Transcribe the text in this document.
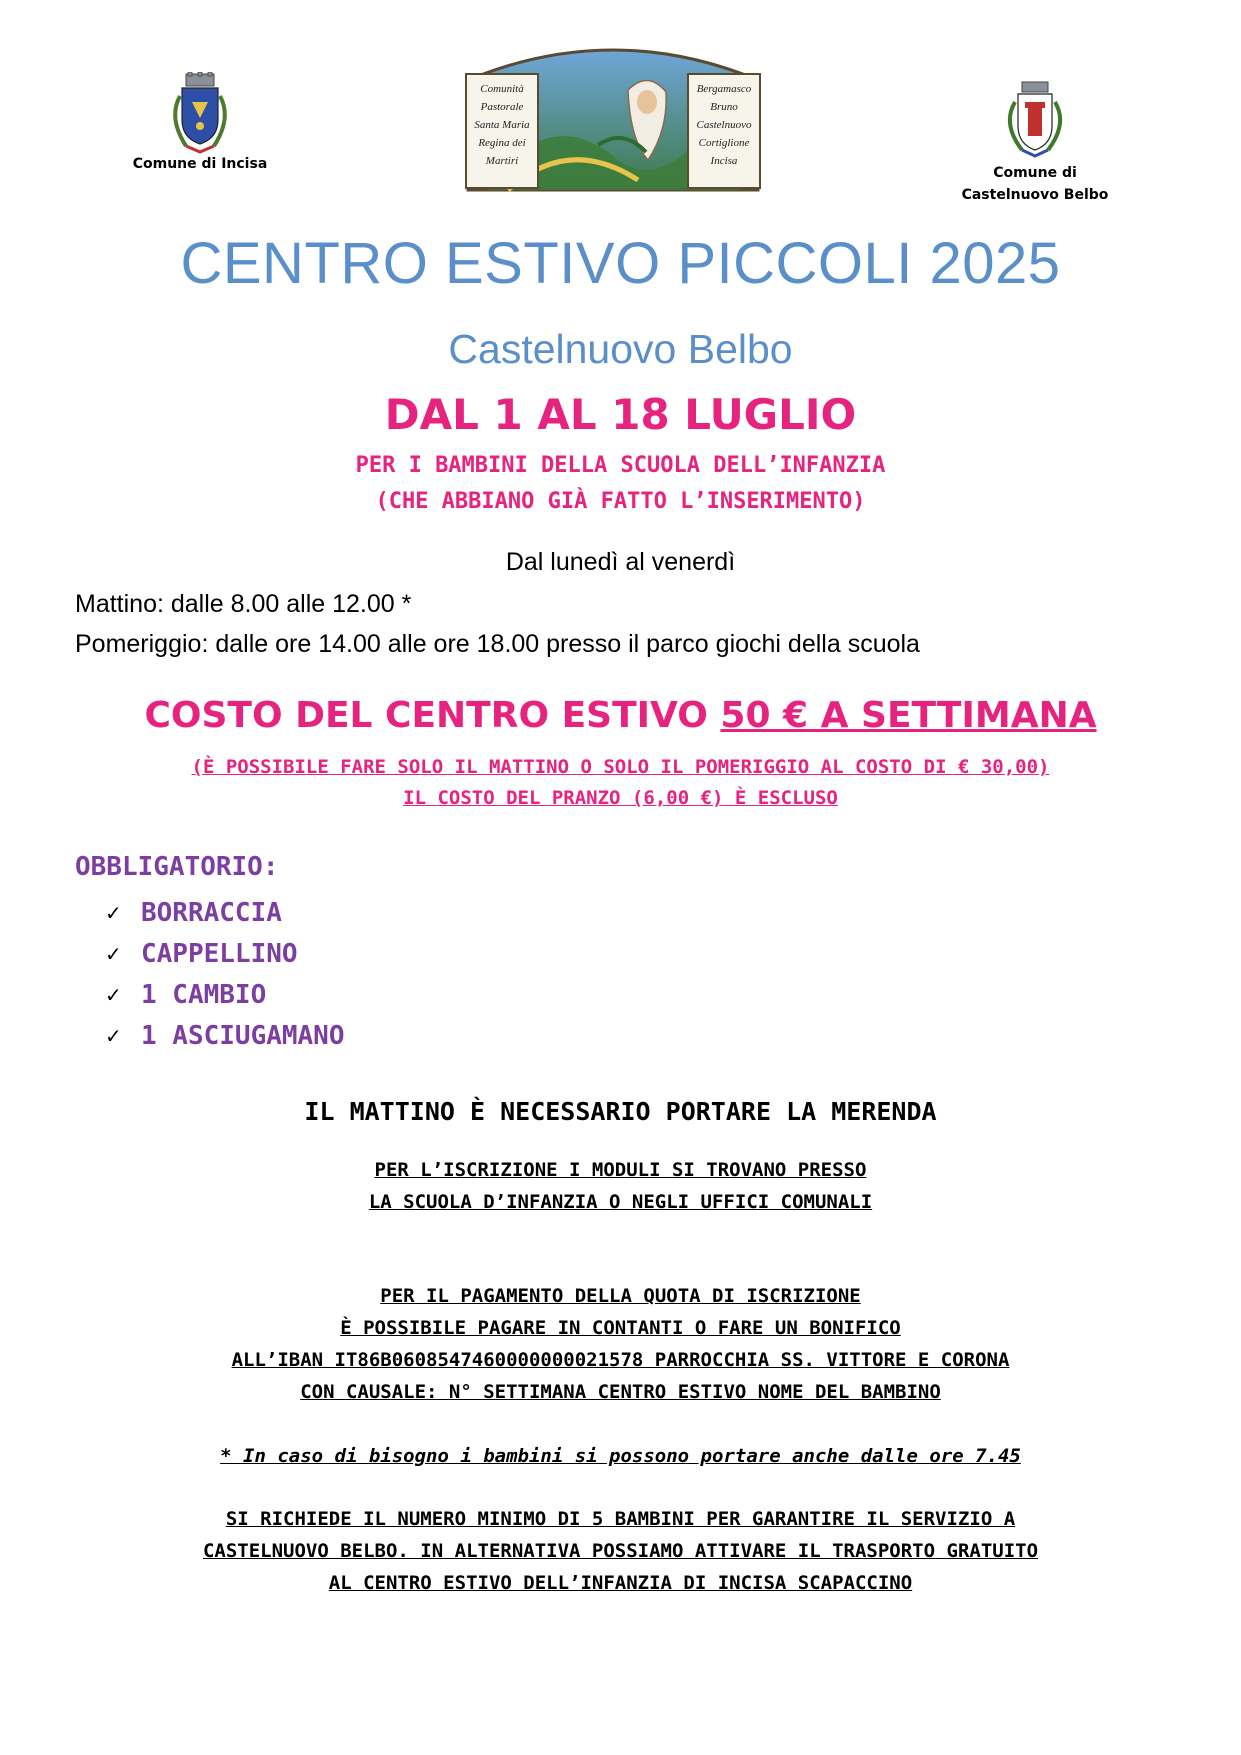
Comune di Incisa
Comunità
Pastorale
Santa Maria
Regina dei
Martiri
Bergamasco
Bruno
Castelnuovo
Cortiglione
Incisa
Comune di
Castelnuovo Belbo
CENTRO ESTIVO PICCOLI 2025
Castelnuovo Belbo
DAL 1 AL 18 LUGLIO
PER I BAMBINI DELLA SCUOLA DELL’INFANZIA
(CHE ABBIANO GIÀ FATTO L’INSERIMENTO)
Dal lunedì al venerdì
Mattino: dalle 8.00 alle 12.00 *
Pomeriggio: dalle ore 14.00 alle ore 18.00 presso il parco giochi della scuola
COSTO DEL CENTRO ESTIVO 50 € A SETTIMANA
(È POSSIBILE FARE SOLO IL MATTINO O SOLO IL POMERIGGIO AL COSTO DI € 30,00)
IL COSTO DEL PRANZO (6,00 €) È ESCLUSO
OBBLIGATORIO:
✓ BORRACCIA
✓ CAPPELLINO
✓ 1 CAMBIO
✓ 1 ASCIUGAMANO
IL MATTINO È NECESSARIO PORTARE LA MERENDA
PER L’ISCRIZIONE I MODULI SI TROVANO PRESSO
LA SCUOLA D’INFANZIA O NEGLI UFFICI COMUNALI
PER IL PAGAMENTO DELLA QUOTA DI ISCRIZIONE
È POSSIBILE PAGARE IN CONTANTI O FARE UN BONIFICO
ALL’IBAN IT86B0608547460000000021578 PARROCCHIA SS. VITTORE E CORONA
CON CAUSALE: N° SETTIMANA CENTRO ESTIVO NOME DEL BAMBINO
* In caso di bisogno i bambini si possono portare anche dalle ore 7.45
SI RICHIEDE IL NUMERO MINIMO DI 5 BAMBINI PER GARANTIRE IL SERVIZIO A
CASTELNUOVO BELBO. IN ALTERNATIVA POSSIAMO ATTIVARE IL TRASPORTO GRATUITO
AL CENTRO ESTIVO DELL’INFANZIA DI INCISA SCAPACCINO
